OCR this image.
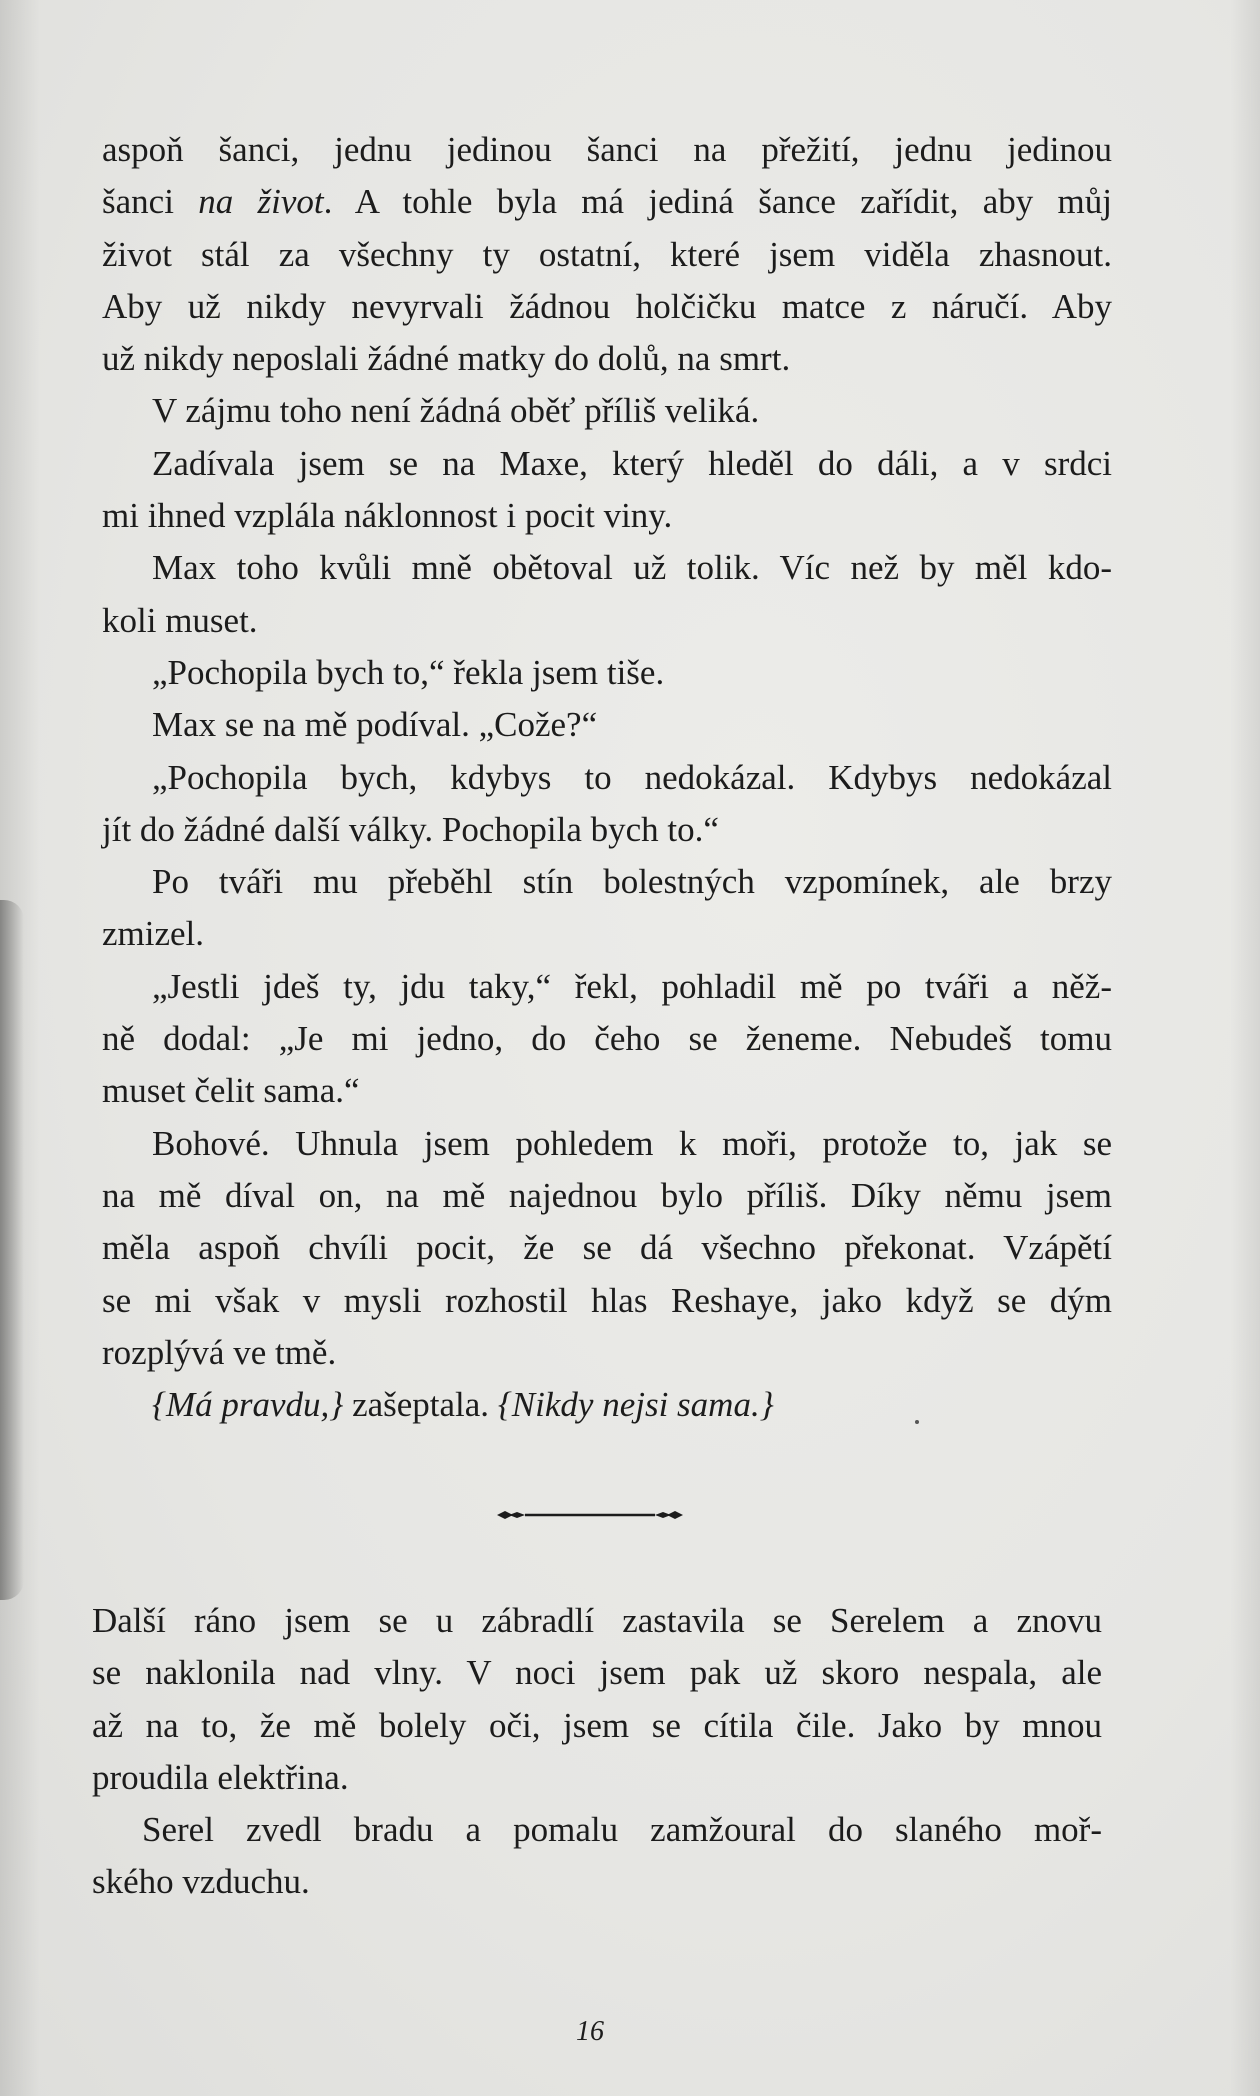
aspoň šanci, jednu jedinou šanci na přežití, jednu jedinou
šanci na život. A tohle byla má jediná šance zařídit, aby můj
život stál za všechny ty ostatní, které jsem viděla zhasnout.
Aby už nikdy nevyrvali žádnou holčičku matce z náručí. Aby
už nikdy neposlali žádné matky do dolů, na smrt.
V zájmu toho není žádná oběť příliš veliká.
Zadívala jsem se na Maxe, který hleděl do dáli, a v srdci
mi ihned vzplála náklonnost i pocit viny.
Max toho kvůli mně obětoval už tolik. Víc než by měl kdo-
koli muset.
„Pochopila bych to,“ řekla jsem tiše.
Max se na mě podíval. „Cože?“
„Pochopila bych, kdybys to nedokázal. Kdybys nedokázal
jít do žádné další války. Pochopila bych to.“
Po tváři mu přeběhl stín bolestných vzpomínek, ale brzy
zmizel.
„Jestli jdeš ty, jdu taky,“ řekl, pohladil mě po tváři a něž-
ně dodal: „Je mi jedno, do čeho se ženeme. Nebudeš tomu
muset čelit sama.“
Bohové. Uhnula jsem pohledem k moři, protože to, jak se
na mě díval on, na mě najednou bylo příliš. Díky němu jsem
měla aspoň chvíli pocit, že se dá všechno překonat. Vzápětí
se mi však v mysli rozhostil hlas Reshaye, jako když se dým
rozplývá ve tmě.
{Má pravdu,} zašeptala. {Nikdy nejsi sama.}
Další ráno jsem se u zábradlí zastavila se Serelem a znovu
se naklonila nad vlny. V noci jsem pak už skoro nespala, ale
až na to, že mě bolely oči, jsem se cítila čile. Jako by mnou
proudila elektřina.
Serel zvedl bradu a pomalu zamžoural do slaného moř-
ského vzduchu.
16
